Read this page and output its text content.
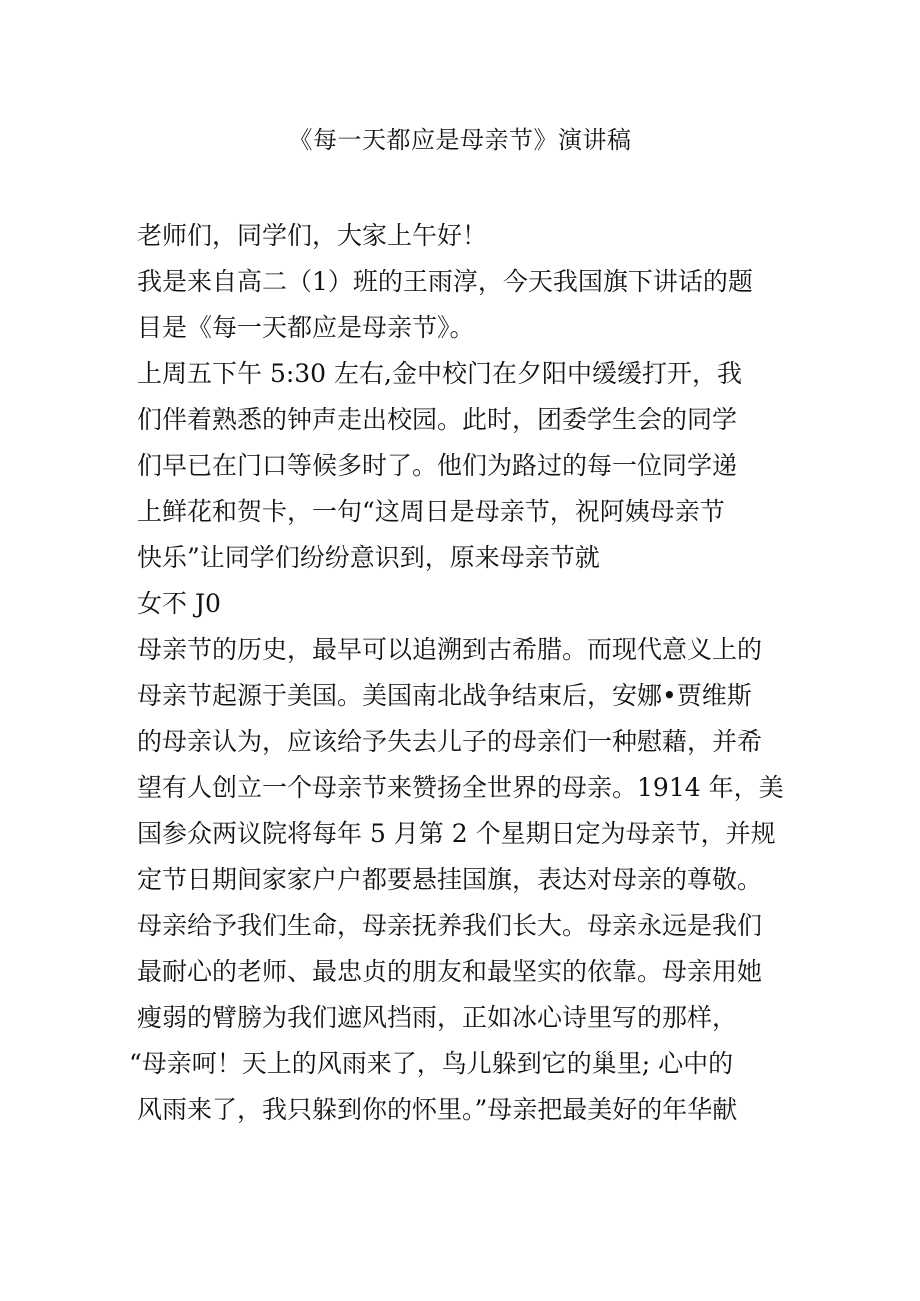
《每一天都应是母亲节》演讲稿
老师们，同学们，大家上午好！
我是来自高二（1）班的王雨淳，今天我国旗下讲话的题
目是《每一天都应是母亲节》。
上周五下午 5:30 左右,金中校门在夕阳中缓缓打开，我
们伴着熟悉的钟声走出校园。此时，团委学生会的同学
们早已在门口等候多时了。他们为路过的每一位同学递
上鲜花和贺卡，一句“这周日是母亲节，祝阿姨母亲节
快乐”让同学们纷纷意识到，原来母亲节就
女不 J0
母亲节的历史，最早可以追溯到古希腊。而现代意义上的
母亲节起源于美国。美国南北战争结束后，安娜•贾维斯
的母亲认为，应该给予失去儿子的母亲们一种慰藉，并希
望有人创立一个母亲节来赞扬全世界的母亲。1914 年，美
国参众两议院将每年 5 月第 2 个星期日定为母亲节，并规
定节日期间家家户户都要悬挂国旗，表达对母亲的尊敬。
母亲给予我们生命，母亲抚养我们长大。母亲永远是我们
最耐心的老师、最忠贞的朋友和最坚实的依靠。母亲用她
瘦弱的臂膀为我们遮风挡雨，正如冰心诗里写的那样，
“母亲呵！天上的风雨来了，鸟儿躲到它的巢里; 心中的
风雨来了，我只躲到你的怀里。”母亲把最美好的年华献
